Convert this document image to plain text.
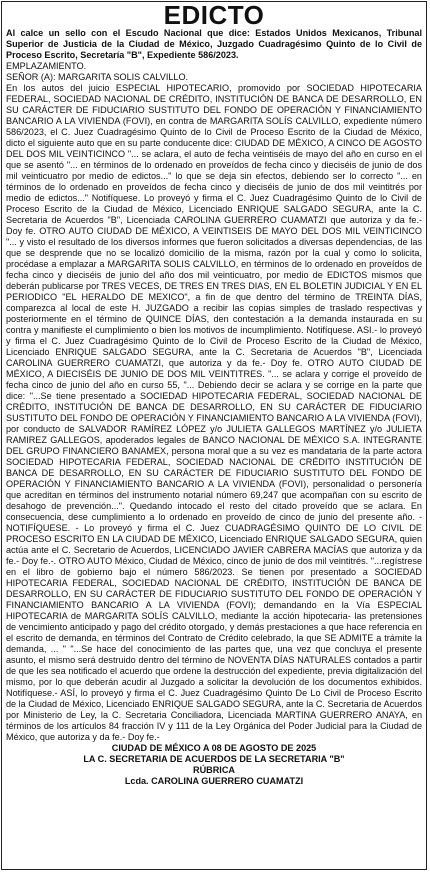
EDICTO

Al calce un sello con el Escudo Nacional que dice: Estados Unidos Mexicanos, Tribunal Superior de Justicia de la Ciudad de México, Juzgado Cuadragésimo Quinto de lo Civil de Proceso Escrito, Secretaría "B", Expediente 586/2023.

EMPLAZAMIENTO.

SEÑOR (A): MARGARITA SOLIS CALVILLO.

En los autos del juicio ESPECIAL HIPOTECARIO, promovido por SOCIEDAD HIPOTECARIA FEDERAL, SOCIEDAD NACIONAL DE CRÉDITO, INSTITUCIÓN DE BANCA DE DESARROLLO, EN SU CARÁCTER DE FIDUCIARIO SUSTITUTO DEL FONDO DE OPERACIÓN Y FINANCIAMIENTO BANCARIO A LA VIVIENDA (FOVI), en contra de MARGARITA SOLÍS CALVILLO, expediente número 586/2023, el C. Juez Cuadragésimo Quinto de lo Civil de Proceso Escrito de la Ciudad de México, dicto el siguiente auto que en su parte conducente dice: CIUDAD DE MÉXICO, A CINCO DE AGOSTO DEL DOS MIL VEINTICINCO "... se aclara, el auto de fecha veintiséis de mayo del año en curso en el que se asentó "... en términos de lo ordenado en proveídos de fecha cinco y dieciséis de junio de dos mil veinticuatro por medio de edictos..." lo que se deja sin efectos, debiendo ser lo correcto "... en términos de lo ordenado en proveídos de fecha cinco y dieciséis de junio de dos mil veintitrés por medio de edictos..." Notifíquese. Lo proveyó y firma el C. Juez Cuadragésimo Quinto de lo Civil de Proceso Escrito de la Ciudad de México, Licenciado ENRIQUE SALGADO SEGURA, ante la C. Secretaria de Acuerdos "B", Licenciada CAROLINA GUERRERO CUAMATZI que autoriza y da fe.- Doy fe. OTRO AUTO CIUDAD DE MÉXICO, A VEINTISEIS DE MAYO DEL DOS MIL VEINTICINCO "... y visto el resultado de los diversos informes que fueron solicitados a diversas dependencias, de las que se desprende que no se localizó domicilio de la misma, razón por la cual y como lo solicita, procédase a emplazar a MARGARITA SOLIS CALVILLO, en términos de lo ordenado en proveídos de fecha cinco y dieciséis de junio del año dos mil veinticuatro, por medio de EDICTOS mismos que deberán publicarse por TRES VECES, DE TRES EN TRES DIAS, EN EL BOLETIN JUDICIAL Y EN EL PERIODICO "EL HERALDO DE MEXICO", a fin de que dentro del término de TREINTA DÍAS, comparezca al local de este H. JUZGADO a recibir las copias simples de traslado respectivas y posteriormente en el término de QUINCE DÍAS, den contestación a la demanda instaurada en su contra y manifieste el cumplimiento o bien los motivos de incumplimiento. Notifíquese. ASI.- lo proveyó y firma el C. Juez Cuadragésimo Quinto de lo Civil de Proceso Escrito de la Ciudad de México, Licenciado ENRIQUE SALGADO SEGURA, ante la C. Secretaria de Acuerdos "B", Licenciada CAROLINA GUERRERO CUAMATZI, que autoriza y da fe.- Doy fe. OTRO AUTO CIUDAD DE MÉXICO, A DIECISÉIS DE JUNIO DE DOS MIL VEINTITRES. "... se aclara y corrige el proveído de fecha cinco de junio del año en curso 55, "... Debiendo decir se aclara y se corrige en la parte que dice: "...Se tiene presentado a SOCIEDAD HIPOTECARIA FEDERAL, SOCIEDAD NACIONAL DE CRÉDITO, INSTITUCIÓN DE BANCA DE DESARROLLO, EN SU CARÁCTER DE FIDUCIARIO SUSTITUTO DEL FONDO DE OPERACIÓN Y FINANCIAMIENTO BANCARIO A LA VIVIENDA (FOVI), por conducto de SALVADOR RAMÍREZ LÓPEZ y/o JULIETA GALLEGOS MARTÍNEZ y/o JULIETA RAMIREZ GALLEGOS, apoderados legales de BANCO NACIONAL DE MÉXICO S.A. INTEGRANTE DEL GRUPO FINANCIERO BANAMEX, persona moral que a su vez es mandataria de la parte actora SOCIEDAD HIPOTECARIA FEDERAL, SOCIEDAD NACIONAL DE CRÉDITO INSTITUCIÓN DE BANCA DE DESARROLLO, EN SU CARÁCTER DE FIDUCIARIO SUSTITUTO DEL FONDO DE OPERACIÓN Y FINANCIAMIENTO BANCARIO A LA VIVIENDA (FOVI), personalidad o personería que acreditan en términos del instrumento notarial número 69,247 que acompañan con su escrito de desahogo de prevención...". Quedando intocado el resto del citado proveído que se aclara. En consecuencia, dese cumplimiento a lo ordenado en proveído de cinco de junio del presente año. - NOTIFÍQUESE. - Lo proveyó y firma el C. Juez CUADRAGÉSIMO QUINTO DE LO CIVIL DE PROCESO ESCRITO EN LA CIUDAD DE MÉXICO, Licenciado ENRIQUE SALGADO SEGURA, quien actúa ante el C. Secretario de Acuerdos, LICENCIADO JAVIER CABRERA MACÍAS que autoriza y da fe.- Doy fe.-. OTRO AUTO México, Ciudad de México, cinco de junio de dos mil veintitrés. "...regístrese en el libro de gobierno bajo el número 586/2023. Se tienen por presentado a SOCIEDAD HIPOTECARIA FEDERAL, SOCIEDAD NACIONAL DE CRÉDITO, INSTITUCIÓN DE BANCA DE DESARROLLO, EN SU CARÁCTER DE FIDUCIARIO SUSTITUTO DEL FONDO DE OPERACIÓN Y FINANCIAMIENTO BANCARIO A LA VIVIENDA (FOVI); demandando en la Vía ESPECIAL HIPOTECARIA de MARGARITA SOLÍS CALVILLO, mediante la acción hipotecaria- las pretensiones de vencimiento anticipado y pago del crédito otorgado, y demás prestaciones a que hace referencia en el escrito de demanda, en términos del Contrato de Crédito celebrado, la que SE ADMITE a trámite la demanda, ... " "...Se hace del conocimiento de las partes que, una vez que concluya el presente asunto, el mismo será destruido dentro del término de NOVENTA DÍAS NATURALES contados a partir de que les sea notificado el acuerdo que ordene la destrucción del expediente, previa digitalización del mismo, por lo que deberán acudir al Juzgado a solicitar la devolución de los documentos exhibidos. Notifíquese.- ASÍ, lo proveyó y firma el C. Juez Cuadragésimo Quinto De Lo Civil de Proceso Escrito de la Ciudad de México, Licenciado ENRIQUE SALGADO SEGURA, ante la C. Secretaria de Acuerdos por Ministerio de Ley, la C. Secretaria Conciliadora, Licenciada MARTINA GUERRERO ANAYA, en términos de los artículos 84 fracción IV y 111 de la Ley Orgánica del Poder Judicial para la Ciudad de México, que autoriza y da fe.- Doy fe.-

CIUDAD DE MÉXICO A 08 DE AGOSTO DE 2025

LA C. SECRETARIA DE ACUERDOS DE LA SECRETARIA "B"

RÚBRICA

Lcda. CAROLINA GUERRERO CUAMATZI
